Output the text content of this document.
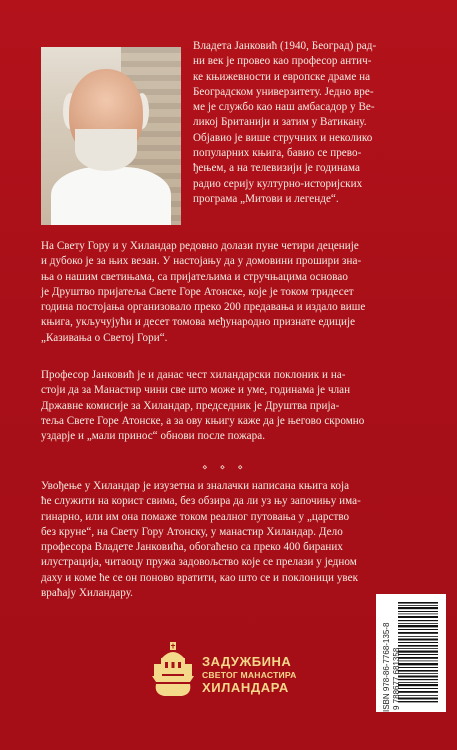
Владета Јанковић (1940, Београд) рад-
ни век је провео као професор антич-
ке књижевности и европске драме на
Београдском универзитету. Једно вре-
ме је службо као наш амбасадор у Ве-
ликој Британији и затим у Ватикану.
Објавио је више стручних и неколико
популарних књига, бавио се прево-
ђењем, а на телевизији је годинама
радио серију културно-историјских
програма „Митови и легенде“.
На Свету Гору и у Хиландар редовно долази пуне четири деценије
и дубоко је за њих везан. У настојању да у домовини прошири зна-
ња о нашим светињама, са пријатељима и стручњацима основао
је Друштво пријатеља Свете Горе Атонске, које је током тридесет
година постојања организовало преко 200 предавања и издало више
књига, укључујући и десет томова међународно признате едиције
„Казивања о Светој Гори“.
Професор Јанковић је и данас чест хиландарски поклоник и на-
стоји да за Манастир чини све што може и уме, годинама је члан
Државне комисије за Хиландар, председник је Друштва прија-
теља Свете Горе Атонске, а за ову књигу каже да је његово скромно
уздарје и „мали принос“ обнови после пожара.
⋄⋄⋄
Увођење у Хиландар је изузетна и зналачки написана књига која
ће служити на корист свима, без обзира да ли уз њу започињу има-
гинарно, или им она помаже током реалног путовања у „царство
без круне“, на Свету Гору Атонску, у манастир Хиландар. Дело
професора Владете Јанковића, обогаћено са преко 400 бираних
илустрација, читаоцу пружа задовољство које се прелази у једном
даху и коме ће се он поново вратити, као што се и поклоници увек
враћају Хиландару.
ЗАДУЖБИНА
СВЕТОГ МАНАСТИРА
ХИЛАНДАРА	ISBN 978-86-7768-135-8 9 788677 681358
